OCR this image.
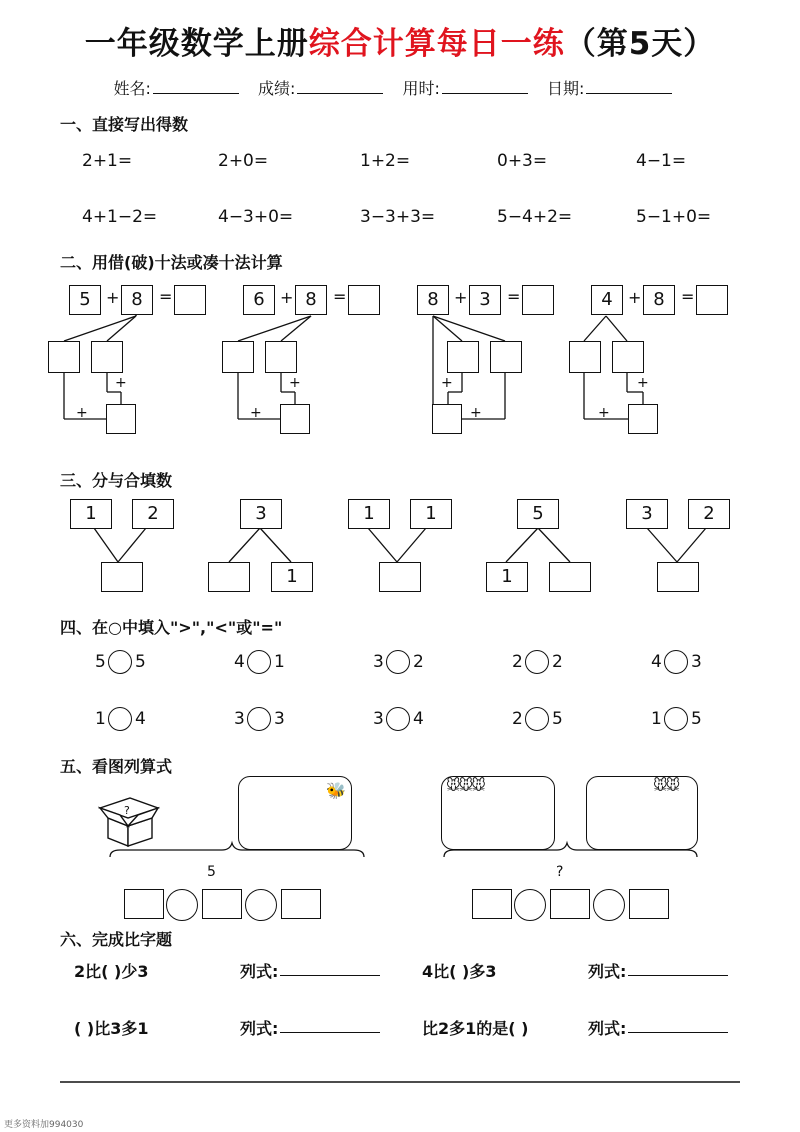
一年级数学上册综合计算每日一练（第5天）
姓名:	成绩:	用时:	日期:
一、直接写出得数
2+1=	2+0=	1+2=	0+3=	4−1=
4+1−2=	4−3+0=	3−3+3=	5−4+2=	5−1+0=
二、用借(破)十法或凑十法计算
5 + 8	=
+
+
6 + 8	=
+
+
8 + 3	=
+
+
4 + 8	=
+
+
三、分与合填数
1	2	3
1
1	1	5
1
3	2
四、在○中填入">","<"或"="
5 5	4 1	3 2	2 2	4 3
1 4	3 3	3 4	2 5	1 5
五、看图列算式
?
🐝	🐭🐭🐭	🐭🐭
5	?
六、完成比字题
2比( )少3	列式:	4比( )多3	列式:
( )比3多1	列式:	比2多1的是( )	列式:
更多资料加994030
